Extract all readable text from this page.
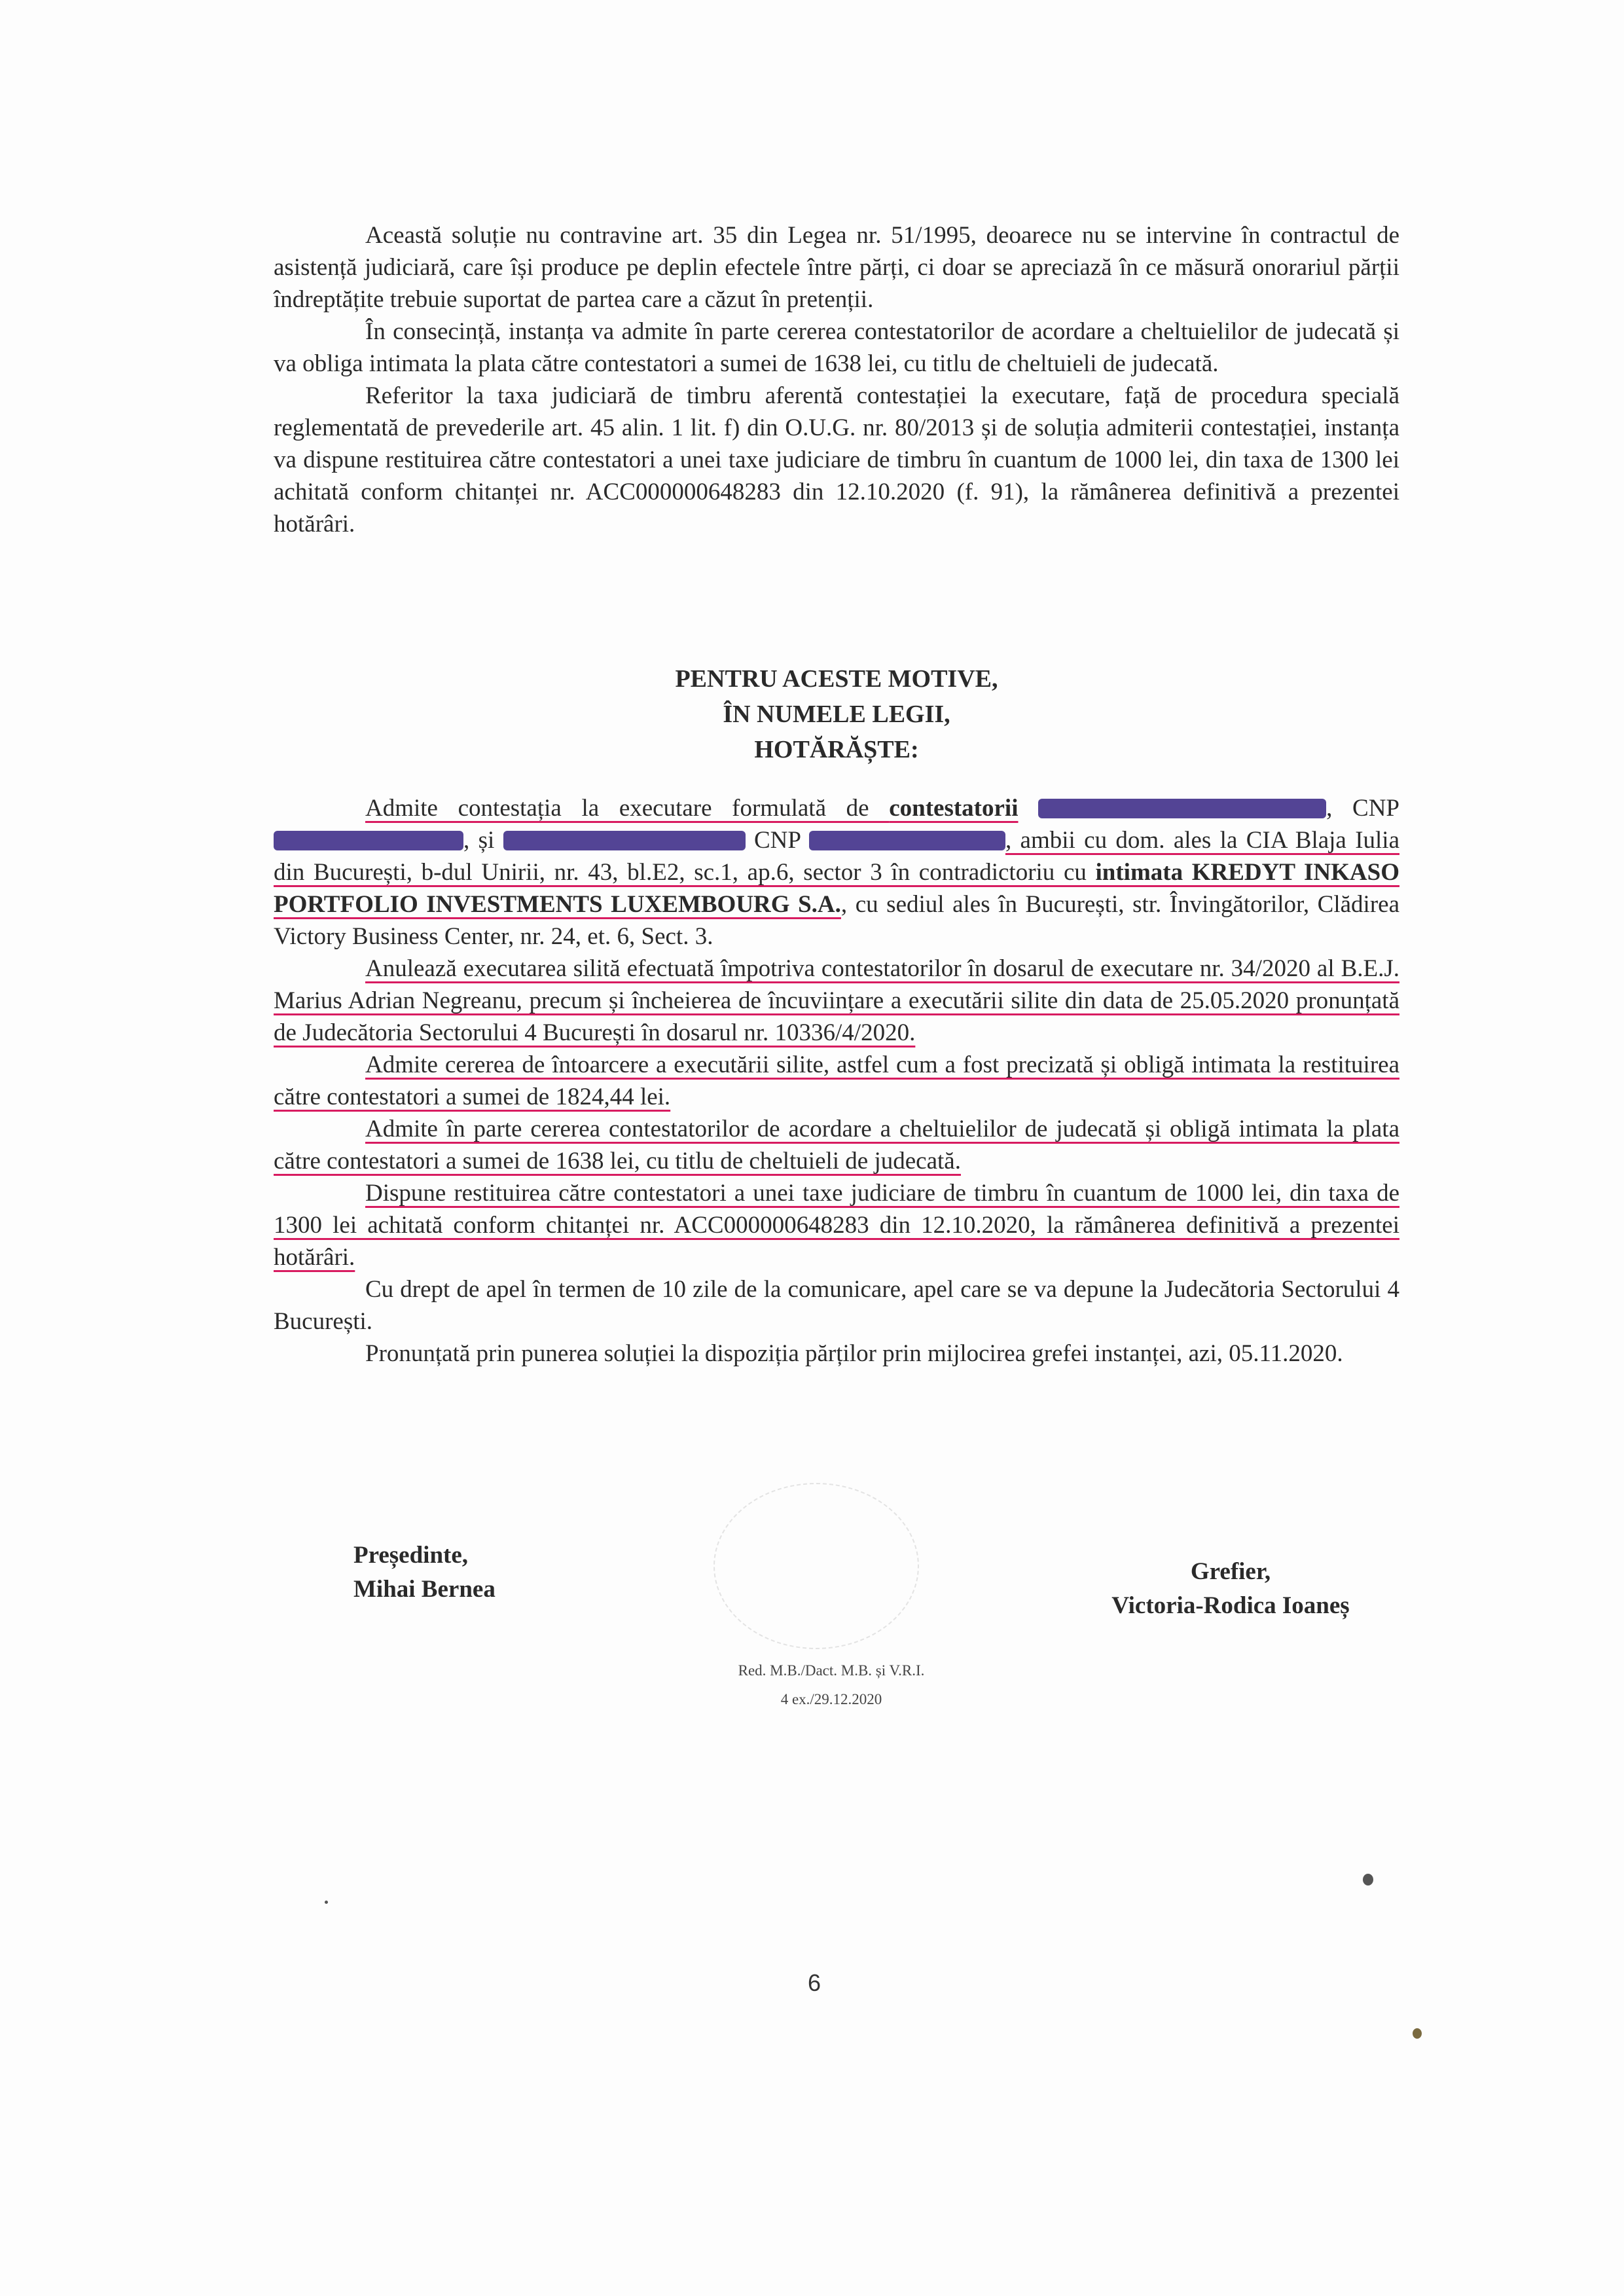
Această soluție nu contravine art. 35 din Legea nr. 51/1995, deoarece nu se intervine în contractul de asistență judiciară, care își produce pe deplin efectele între părți, ci doar se apreciază în ce măsură onorariul părții îndreptățite trebuie suportat de partea care a căzut în pretenții.

În consecință, instanța va admite în parte cererea contestatorilor de acordare a cheltuielilor de judecată și va obliga intimata la plata către contestatori a sumei de 1638 lei, cu titlu de cheltuieli de judecată.

Referitor la taxa judiciară de timbru aferentă contestației la executare, față de procedura specială reglementată de prevederile art. 45 alin. 1 lit. f) din O.U.G. nr. 80/2013 și de soluția admiterii contestației, instanța va dispune restituirea către contestatori a unei taxe judiciare de timbru în cuantum de 1000 lei, din taxa de 1300 lei achitată conform chitanței nr. ACC000000648283 din 12.10.2020 (f. 91), la rămânerea definitivă a prezentei hotărâri.

PENTRU ACESTE MOTIVE,
ÎN NUMELE LEGII,
HOTĂRĂȘTE:

Admite contestația la executare formulată de contestatorii	, CNP , și	CNP	, ambii cu dom. ales la CIA Blaja Iulia din București, b-dul Unirii, nr. 43, bl.E2, sc.1, ap.6, sector 3 în contradictoriu cu intimata KREDYT INKASO PORTFOLIO INVESTMENTS LUXEMBOURG S.A., cu sediul ales în București, str. Învingătorilor, Clădirea Victory Business Center, nr. 24, et. 6, Sect. 3.

Anulează executarea silită efectuată împotriva contestatorilor în dosarul de executare nr. 34/2020 al B.E.J. Marius Adrian Negreanu, precum și încheierea de încuviințare a executării silite din data de 25.05.2020 pronunțată de Judecătoria Sectorului 4 București în dosarul nr. 10336/4/2020.

Admite cererea de întoarcere a executării silite, astfel cum a fost precizată și obligă intimata la restituirea către contestatori a sumei de 1824,44 lei.

Admite în parte cererea contestatorilor de acordare a cheltuielilor de judecată și obligă intimata la plata către contestatori a sumei de 1638 lei, cu titlu de cheltuieli de judecată.

Dispune restituirea către contestatori a unei taxe judiciare de timbru în cuantum de 1000 lei, din taxa de 1300 lei achitată conform chitanței nr. ACC000000648283 din 12.10.2020, la rămânerea definitivă a prezentei hotărâri.

Cu drept de apel în termen de 10 zile de la comunicare, apel care se va depune la Judecătoria Sectorului 4 București.

Pronunțată prin punerea soluției la dispoziția părților prin mijlocirea grefei instanței, azi, 05.11.2020.

Președinte,
Mihai Bernea
Grefier,
Victoria-Rodica Ioaneș
Red. M.B./Dact. M.B. și V.R.I.
4 ex./29.12.2020
6
